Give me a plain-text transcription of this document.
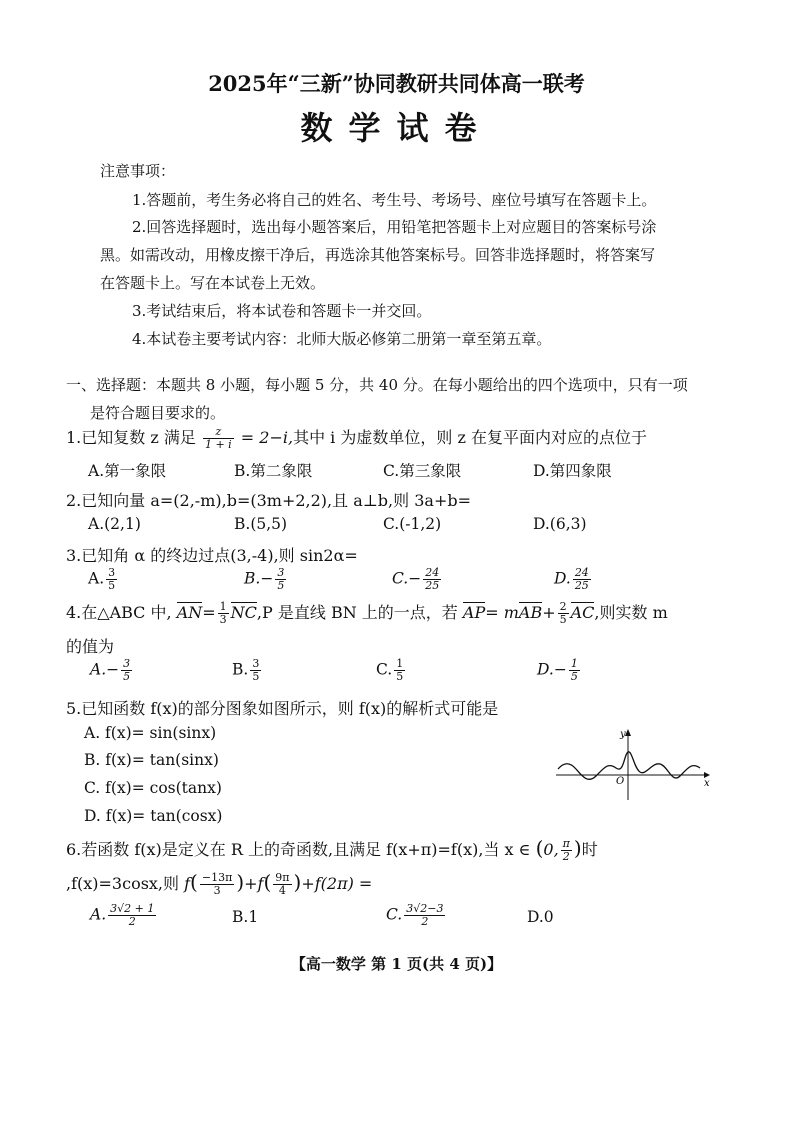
2025年“三新”协同教研共同体高一联考
数学试卷
注意事项：
1.答题前，考生务必将自己的姓名、考生号、考场号、座位号填写在答题卡上。
2.回答选择题时，选出每小题答案后，用铅笔把答题卡上对应题目的答案标号涂
黑。如需改动，用橡皮擦干净后，再选涂其他答案标号。回答非选择题时，将答案写
在答题卡上。写在本试卷上无效。
3.考试结束后，将本试卷和答题卡一并交回。
4.本试卷主要考试内容：北师大版必修第二册第一章至第五章。
一、选择题：本题共 8 小题，每小题 5 分，共 40 分。在每小题给出的四个选项中，只有一项
是符合题目要求的。
1.已知复数 z 满足 $\frac{z}{1 + i} = 2-i$,其中 i 为虚数单位，则 z 在复平面内对应的点位于
A.第一象限	B.第二象限	C.第三象限	D.第四象限
2.已知向量 a=(2,-m),b=(3m+2,2),且 a⊥b,则 3a+b=
A.(2,1)	B.(5,5)	C.(-1,2)	D.(6,3)
3.已知角 α 的终边过点(3,-4),则 sin2α=
A. $\frac{3}{5}$	$B.- \frac{3}{5}$	$C.- \frac{24}{25}$	D. $\frac{24}{25}$
4.在△ABC 中, $AN= \frac{1}{3} NC,P$ 是直线 BN 上的一点，若 $AP= mAB+ \frac{2}{5}$ AC,则实数 m
的值为
$A.- \frac{3}{5}$	B. $\frac{3}{5}$	C. $\frac{1}{5}$	$D.- \frac{1}{5}$
5.已知函数 f(x)的部分图象如图所示，则 f(x)的解析式可能是
A. f(x)= sin(sinx)
B. f(x)= tan(sinx)
C. f(x)= cos(tanx)
D. f(x)= tan(cosx)
y
x
O
6.若函数 f(x)是定义在 R 上的奇函数,且满足 f(x+π)=f(x),当 x ∈ (0, $\frac{\pi}{2}$ )时
,f(x)=3cosx,则 $f( \frac{-13\pi}{3} )+f( \frac{9\pi}{4} )+f(2\pi)$ =
A. $\frac{3√2 + 1}{2}$	B.1	C. $\frac{3√2-3}{2}$	D.0
【高一数学 第 1 页(共 4 页)】
